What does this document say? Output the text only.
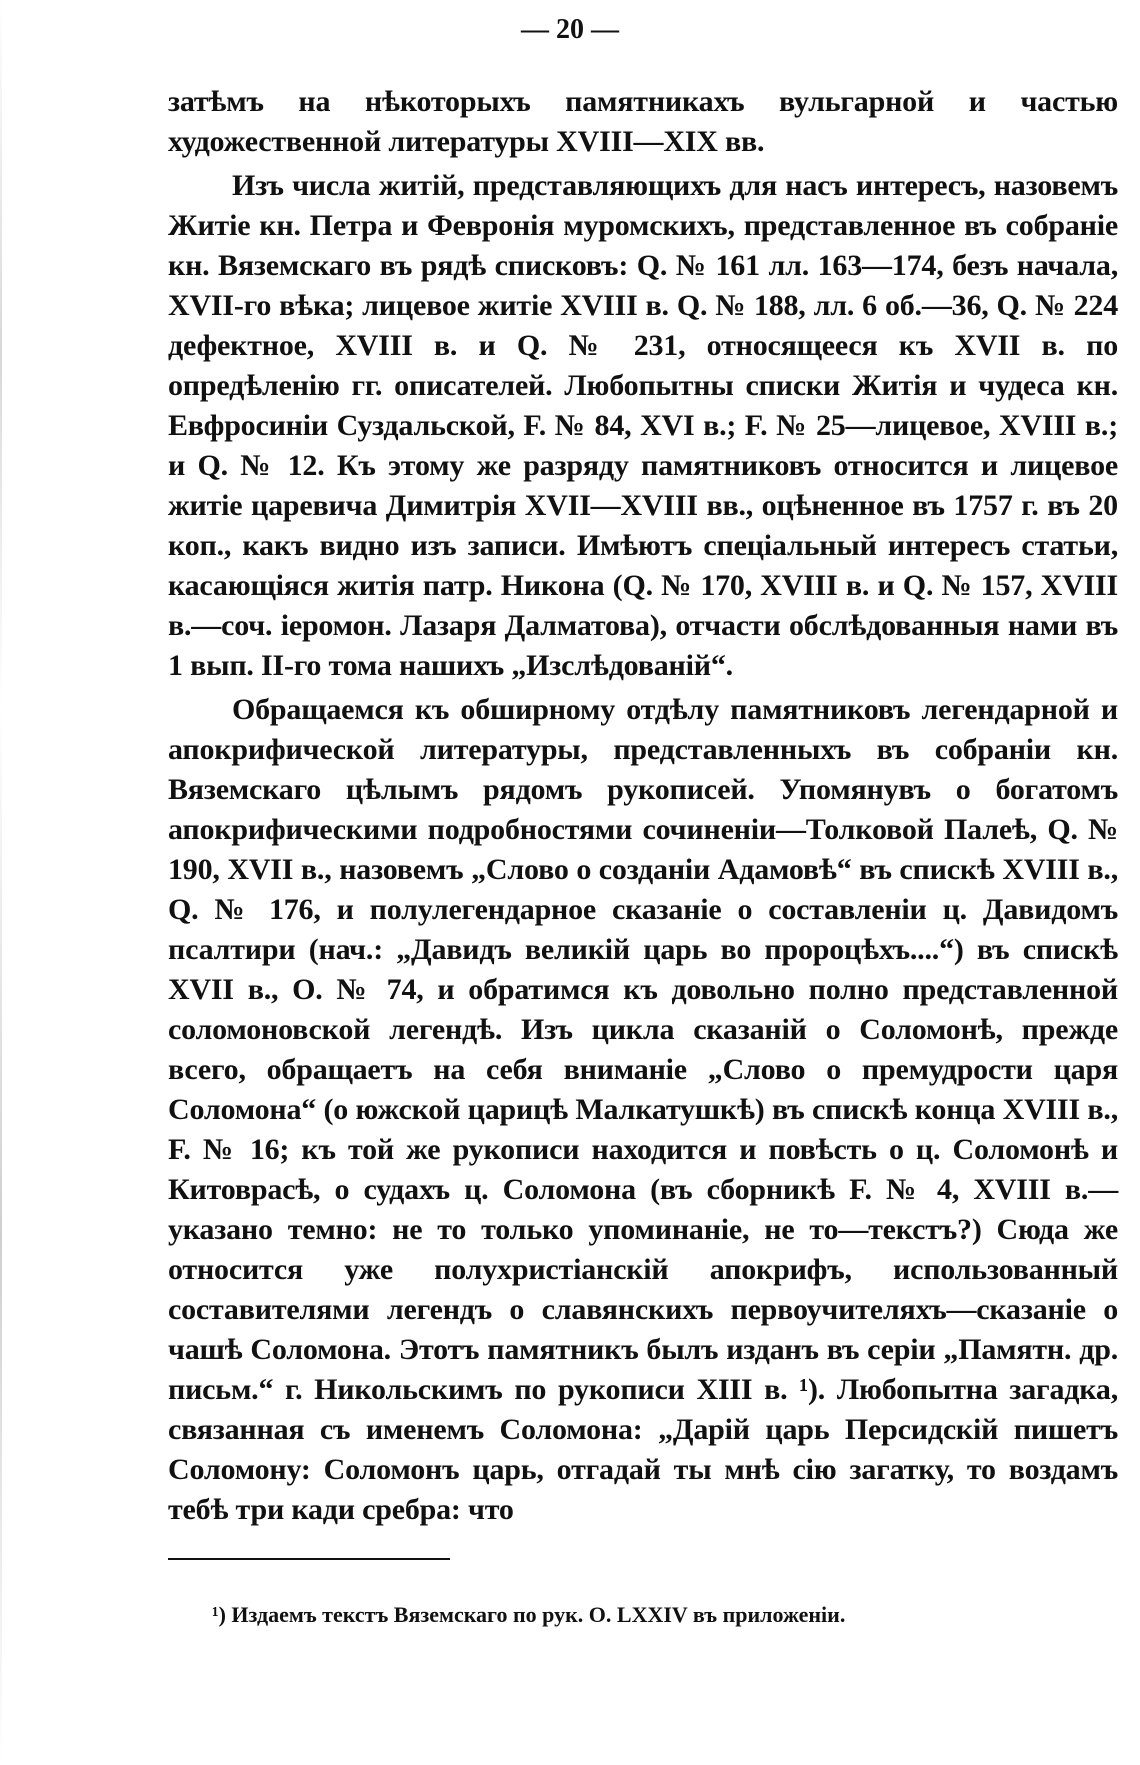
— 20 —

затѣмъ на нѣкоторыхъ памятникахъ вульгарной и частью художественной литературы XVIII—XIX вв.

Изъ числа житій, представляющихъ для насъ интересъ, назовемъ Житіе кн. Петра и Февронія муромскихъ, представленное въ собраніе кн. Вяземскаго въ рядѣ списковъ: Q. № 161 лл. 163—174, безъ начала, XVII-го вѣка; лицевое житіе XVIII в. Q. № 188, лл. 6 об.—36, Q. № 224 дефектное, XVIII в. и Q. № 231, относящееся къ XVII в. по опредѣленію гг. описателей. Любопытны списки Житія и чудеса кн. Евфросиніи Суздальской, F. № 84, XVI в.; F. № 25—лицевое, XVIII в.; и Q. № 12. Къ этому же разряду памятниковъ относится и лицевое житіе царевича Димитрія XVII—XVIII вв., оцѣненное въ 1757 г. въ 20 коп., какъ видно изъ записи. Имѣютъ спеціальный интересъ статьи, касающіяся житія патр. Никона (Q. № 170, XVIII в. и Q. № 157, XVIII в.—соч. іеромон. Лазаря Далматова), отчасти обслѣдованныя нами въ 1 вып. II-го тома нашихъ „Изслѣдованій“.

Обращаемся къ обширному отдѣлу памятниковъ легендарной и апокрифической литературы, представленныхъ въ собраніи кн. Вяземскаго цѣлымъ рядомъ рукописей. Упомянувъ о богатомъ апокрифическими подробностями сочиненіи—Толковой Палеѣ, Q. № 190, XVII в., назовемъ „Слово о созданіи Адамовѣ“ въ спискѣ XVIII в., Q. № 176, и полулегендарное сказаніе о составленіи ц. Давидомъ псалтири (нач.: „Давидъ великій царь во пророцѣхъ....“) въ спискѣ XVII в., О. № 74, и обратимся къ довольно полно представленной соломоновской легендѣ. Изъ цикла сказаній о Соломонѣ, прежде всего, обращаетъ на себя вниманіе „Слово о премудрости царя Соломона“ (о южской царицѣ Малкатушкѣ) въ спискѣ конца XVIII в., F. № 16; къ той же рукописи находится и повѣсть о ц. Соломонѣ и Китоврасѣ, о судахъ ц. Соломона (въ сборникѣ F. № 4, XVIII в.—указано темно: не то только упоминаніе, не то—текстъ?) Сюда же относится уже полухристіанскій апокрифъ, использованный составителями легендъ о славянскихъ первоучителяхъ—сказаніе о чашѣ Соломона. Этотъ памятникъ былъ изданъ въ серіи „Памятн. др. письм.“ г. Никольскимъ по рукописи XIII в. ¹). Любопытна загадка, связанная съ именемъ Соломона: „Дарій царь Персидскій пишетъ Соломону: Соломонъ царь, отгадай ты мнѣ сію загатку, то воздамъ тебѣ три кади сребра: что

¹) Издаемъ текстъ Вяземскаго по рук. О. LXXIV въ приложеніи.
